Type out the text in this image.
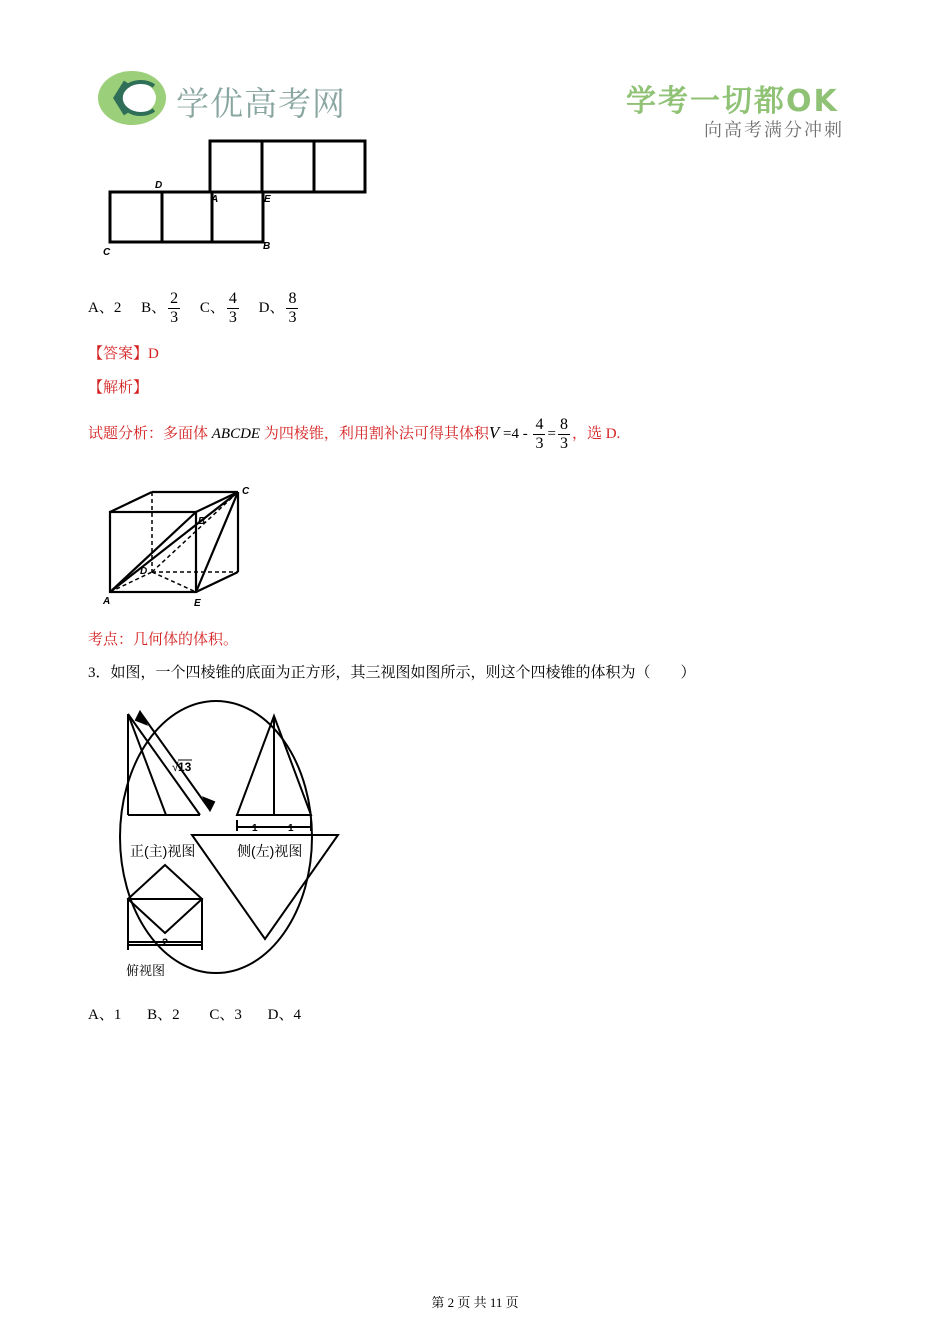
学优高考网	学考一切都OK
向高考满分冲刺
D
A	E
C
B
A、2 B、 $\frac{2}{3}$ C、 $\frac{4}{3}$ D、 $\frac{8}{3}$
【答案】D
【解析】
试题分析：多面体 ABCDE 为四棱锥，利用割补法可得其体积$V =4 - \frac{4}{3} = \frac{8}{3}$ ，选 D.
C
B
D
A	E
考点：几何体的体积。
3．如图，一个四棱锥的底面为正方形，其三视图如图所示，则这个四棱锥的体积为（　　）
√ 13
正(主)视图	侧(左)视图
1	1
2
俯视图
A、1 B、2 C、3 D、4
第 2 页 共 11 页
